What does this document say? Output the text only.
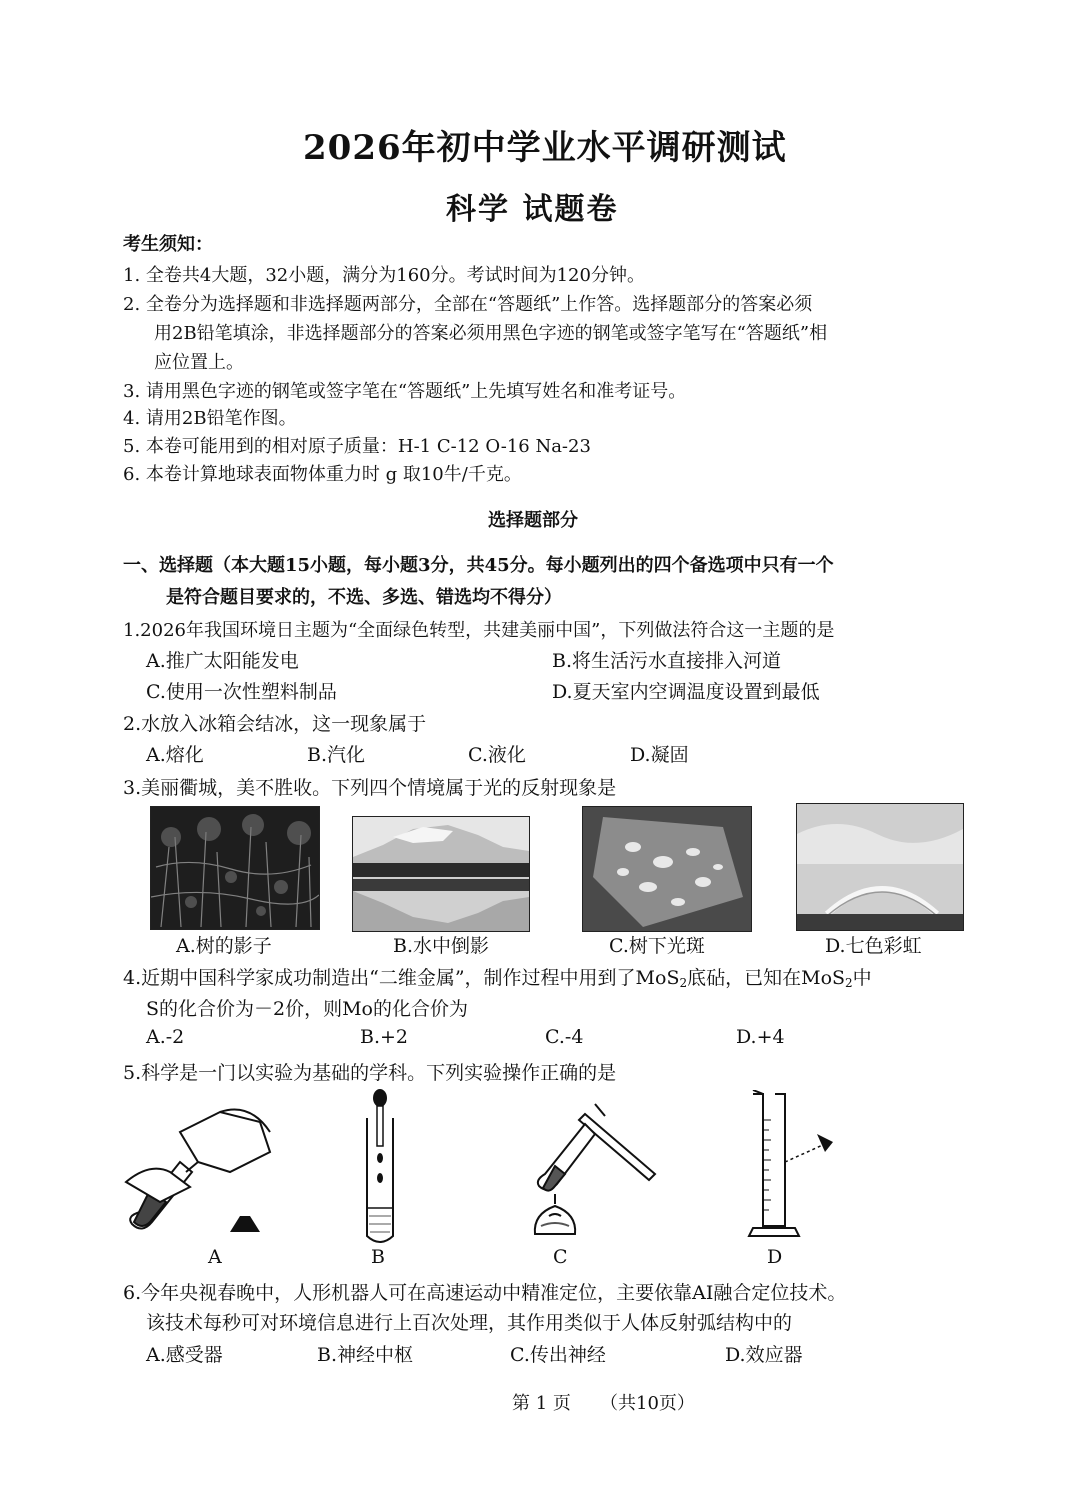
2026年初中学业水平调研测试
科学 试题卷
考生须知：
1. 全卷共4大题，32小题，满分为160分。考试时间为120分钟。
2. 全卷分为选择题和非选择题两部分，全部在“答题纸”上作答。选择题部分的答案必须
用2B铅笔填涂，非选择题部分的答案必须用黑色字迹的钢笔或签字笔写在“答题纸”相
应位置上。
3. 请用黑色字迹的钢笔或签字笔在“答题纸”上先填写姓名和准考证号。
4. 请用2B铅笔作图。
5. 本卷可能用到的相对原子质量：H-1 C-12 O-16 Na-23
6. 本卷计算地球表面物体重力时 g 取10牛/千克。
选择题部分
一、选择题（本大题15小题，每小题3分，共45分。每小题列出的四个备选项中只有一个
是符合题目要求的，不选、多选、错选均不得分）
1.2026年我国环境日主题为“全面绿色转型，共建美丽中国”，下列做法符合这一主题的是
A.推广太阳能发电	B.将生活污水直接排入河道
C.使用一次性塑料制品	D.夏天室内空调温度设置到最低
2.水放入冰箱会结冰，这一现象属于
A.熔化	B.汽化	C.液化	D.凝固
3.美丽衢城，美不胜收。下列四个情境属于光的反射现象是
A.树的影子	B.水中倒影	C.树下光斑	D.七色彩虹
4.近期中国科学家成功制造出“二维金属”，制作过程中用到了MoS$_2$底砧，已知在MoS$_2$中
S的化合价为－2价，则Mo的化合价为
A.-2	B.+2	C.-4	D.+4
5.科学是一门以实验为基础的学科。下列实验操作正确的是
A	B	C	D
6.今年央视春晚中，人形机器人可在高速运动中精准定位，主要依靠AI融合定位技术。
该技术每秒可对环境信息进行上百次处理，其作用类似于人体反射弧结构中的
A.感受器	B.神经中枢	C.传出神经	D.效应器
第 1 页 （共10页）
